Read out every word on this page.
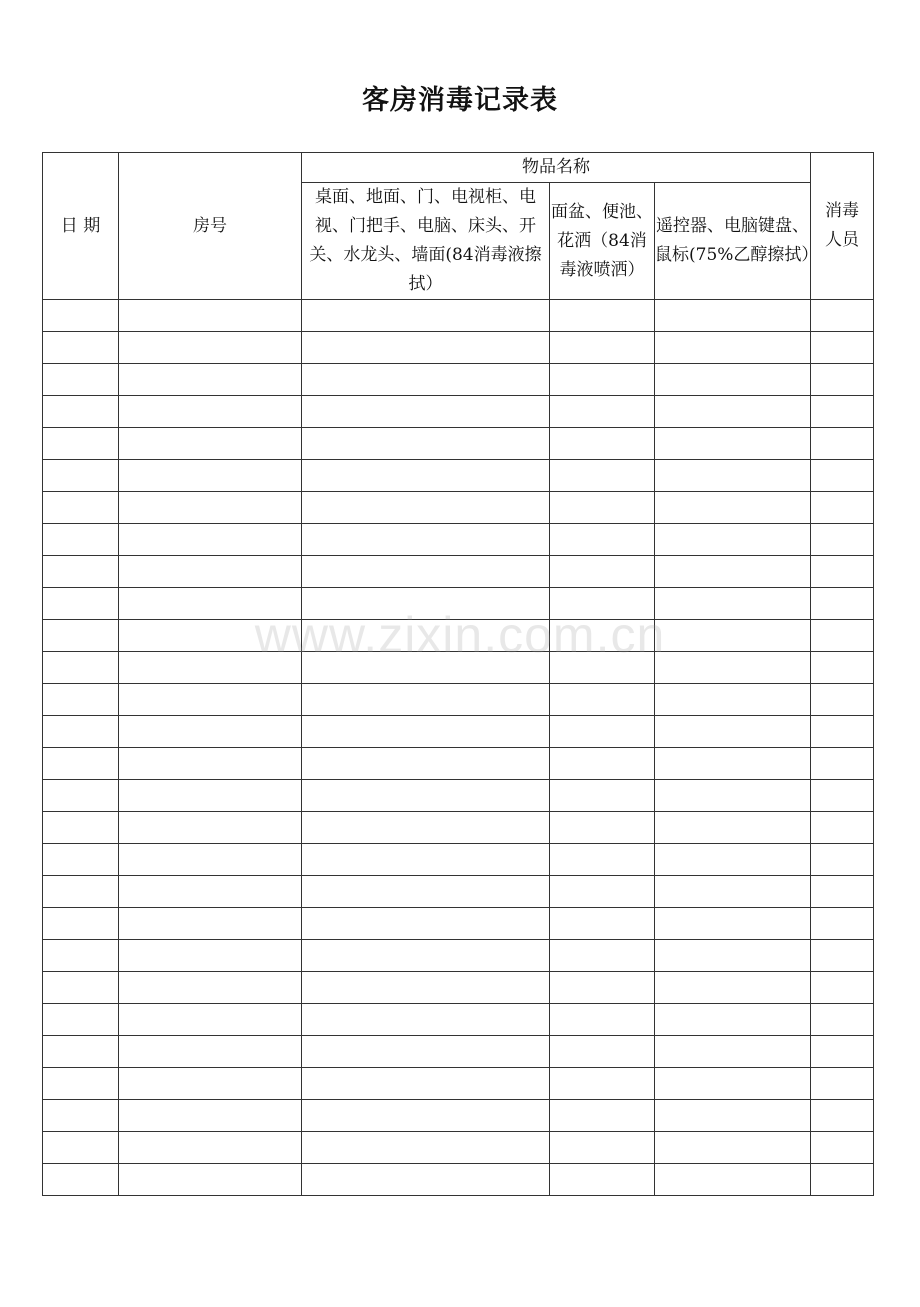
客房消毒记录表
日 期	房号	物品名称			消毒人员
		桌面、地面、门、电视柜、电视、门把手、电脑、床头、开关、水龙头、墙面(84消毒液擦拭）	面盆、便池、花洒（84消毒液喷洒）	遥控器、电脑键盘、鼠标(75%乙醇擦拭）	

www.zixin.com.cn
